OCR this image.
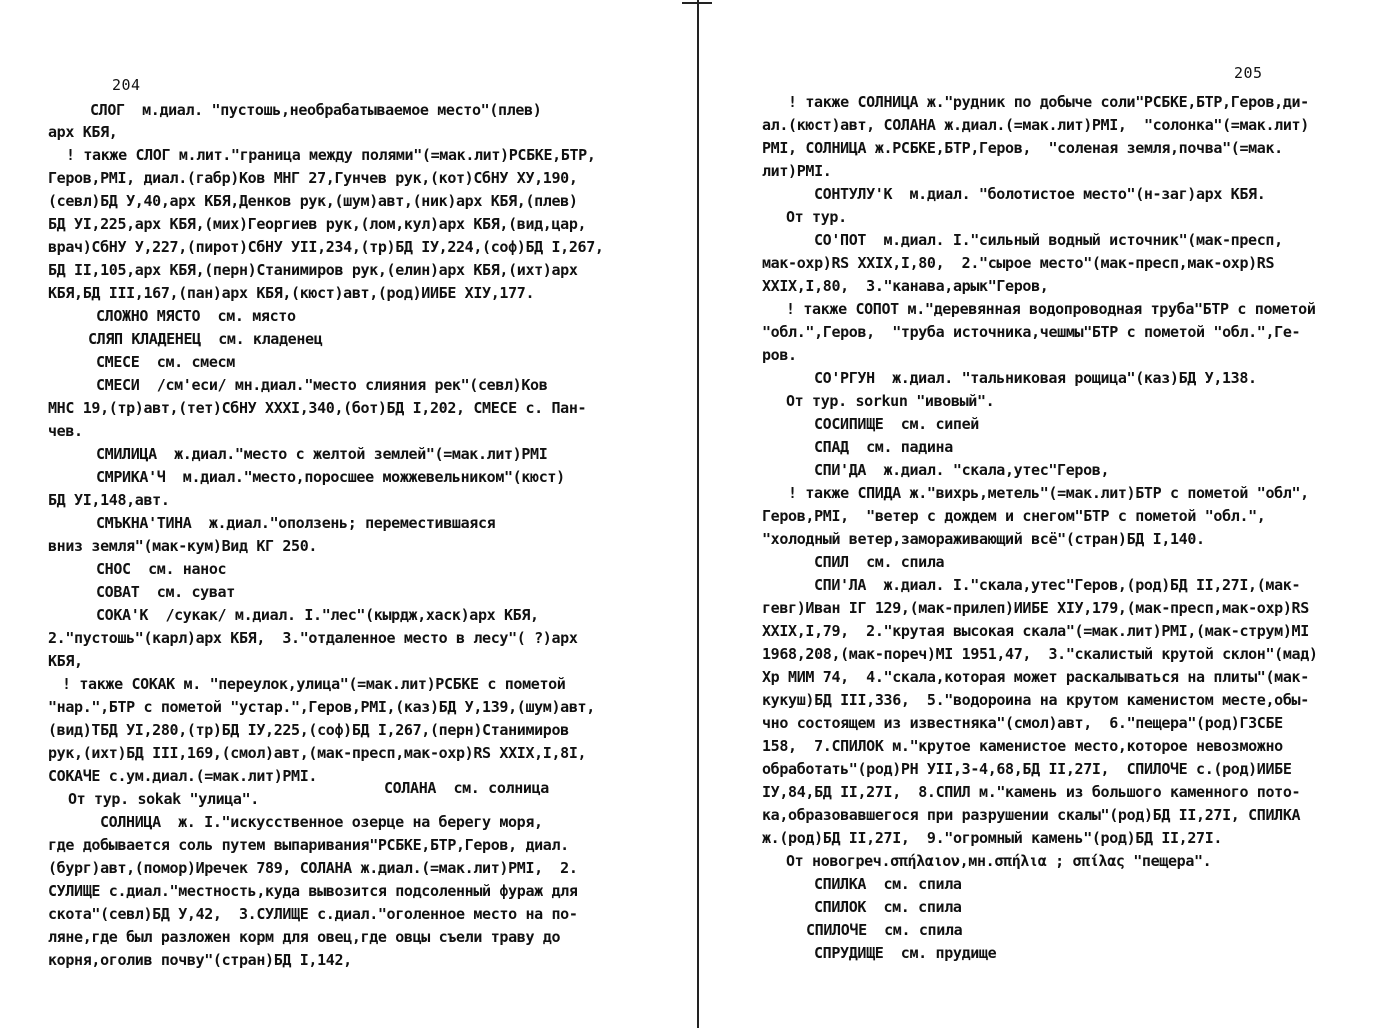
204
СЛОГ  м.диал. "пустошь,необрабатываемое место"(плев)
арх КБЯ,
! также СЛОГ м.лит."граница между полями"(=мак.лит)РСБКЕ,БТР,
Геров,РМI, диал.(габр)Ков МНГ 27,Гунчев рук,(кот)СбНУ ХУ,190,
(севл)БД У,40,арх КБЯ,Денков рук,(шум)авт,(ник)арх КБЯ,(плев)
БД УI,225,арх КБЯ,(мих)Георгиев рук,(лом,кул)арх КБЯ,(вид,цар,
врач)СбНУ У,227,(пирот)СбНУ УII,234,(тр)БД IУ,224,(соф)БД I,267,
БД II,105,арх КБЯ,(перн)Станимиров рук,(елин)арх КБЯ,(ихт)арх
КБЯ,БД III,167,(пан)арх КБЯ,(кюст)авт,(род)ИИБЕ ХIУ,177.
СЛОЖНО МЯСТО  см. място
СЛЯП КЛАДЕНЕЦ  см. кладенец
СМЕСЕ  см. смесм
СМЕСИ  /см'еси/ мн.диал."место слияния рек"(севл)Ков
МНС 19,(тр)авт,(тет)СбНУ ХХХI,340,(бот)БД I,202, СМЕСЕ с. Пан-
чев.
СМИЛИЦА  ж.диал."место с желтой землей"(=мак.лит)РМI
СМРИКА'Ч  м.диал."место,поросшее можжевельником"(кюст)
БД УI,148,авт.
СМЪКНА'ТИНА  ж.диал."оползень; переместившаяся
вниз земля"(мак-кум)Вид КГ 250.
СНОС  см. нанос
СОВАТ  см. суват
СОКА'К  /сукак/ м.диал. I."лес"(кырдж,хаск)арх КБЯ,
2."пустошь"(карл)арх КБЯ,  3."отдаленное место в лесу"( ?)арх
КБЯ,
! также СОКАК м. "переулок,улица"(=мак.лит)РСБКЕ с пометой
"нар.",БТР с пометой "устар.",Геров,РМI,(каз)БД У,139,(шум)авт,
(вид)ТБД УI,280,(тр)БД IУ,225,(соф)БД I,267,(перн)Станимиров
рук,(ихт)БД III,169,(смол)авт,(мак-пресп,мак-охр)RS ХХIХ,I,8I,
СОКАЧЕ с.ум.диал.(=мак.лит)РМI.
От тур. sokak "улица".
СОЛНИЦА  ж. I."искусственное озерце на берегу моря,
где добывается соль путем выпаривания"РСБКЕ,БТР,Геров, диал.
(бург)авт,(помор)Иречек 789, СОЛАНА ж.диал.(=мак.лит)РМI,  2.
СУЛИЩЕ с.диал."местность,куда вывозится подсоленный фураж для
скота"(севл)БД У,42,  3.СУЛИЩЕ с.диал."оголенное место на по-
ляне,где был разложен корм для овец,где овцы съели траву до
корня,оголив почву"(стран)БД I,142,
СОЛАНА  см. солница
205
! также СОЛНИЦА ж."рудник по добыче соли"РСБКЕ,БТР,Геров,ди-
ал.(кюст)авт, СОЛАНА ж.диал.(=мак.лит)РМI,  "солонка"(=мак.лит)
РМI, СОЛНИЦА ж.РСБКЕ,БТР,Геров,  "соленая земля,почва"(=мак.
лит)РМI.
СОНТУЛУ'К  м.диал. "болотистое место"(н-заг)арх КБЯ.
От тур.
СО'ПОТ  м.диал. I."сильный водный источник"(мак-пресп,
мак-охр)RS ХХIХ,I,80,  2."сырое место"(мак-пресп,мак-охр)RS
ХХIХ,I,80,  3."канава,арык"Геров,
! также СОПОТ м."деревянная водопроводная труба"БТР с пометой
"обл.",Геров,  "труба источника,чешмы"БТР с пометой "обл.",Ге-
ров.
СО'РГУН  ж.диал. "тальниковая рощица"(каз)БД У,138.
От тур. sorkun "ивовый".
СОСИПИЩЕ  см. сипей
СПАД  см. падина
СПИ'ДА  ж.диал. "скала,утес"Геров,
! также СПИДА ж."вихрь,метель"(=мак.лит)БТР с пометой "обл",
Геров,РМI,  "ветер с дождем и снегом"БТР с пометой "обл.",
"холодный ветер,замораживающий всё"(стран)БД I,140.
СПИЛ  см. спила
СПИ'ЛА  ж.диал. I."скала,утес"Геров,(род)БД II,27I,(мак-
гевг)Иван IГ 129,(мак-прилеп)ИИБЕ ХIУ,179,(мак-пресп,мак-охр)RS
ХХIХ,I,79,  2."крутая высокая скала"(=мак.лит)РМI,(мак-струм)МI
1968,208,(мак-пореч)МI 1951,47,  3."скалистый крутой склон"(мад)
Хр МИМ 74,  4."скала,которая может раскалываться на плиты"(мак-
кукуш)БД III,336,  5."водороина на крутом каменистом месте,обы-
чно состоящем из известняка"(смол)авт,  6."пещера"(род)ГЗСБЕ
158,  7.СПИЛОК м."крутое каменистое место,которое невозможно
обработать"(род)РН УII,3-4,68,БД II,27I,  СПИЛОЧЕ с.(род)ИИБЕ
IУ,84,БД II,27I,  8.СПИЛ м."камень из большого каменного пото-
ка,образовавшегося при разрушении скалы"(род)БД II,27I, СПИЛКА
ж.(род)БД II,27I,  9."огромный камень"(род)БД II,27I.
От новогреч.σπήλαιον,мн.σπήλια ; σπίλας "пещера".
СПИЛКА  см. спила
СПИЛОК  см. спила
СПИЛОЧЕ  см. спила
СПРУДИЩЕ  см. прудище
